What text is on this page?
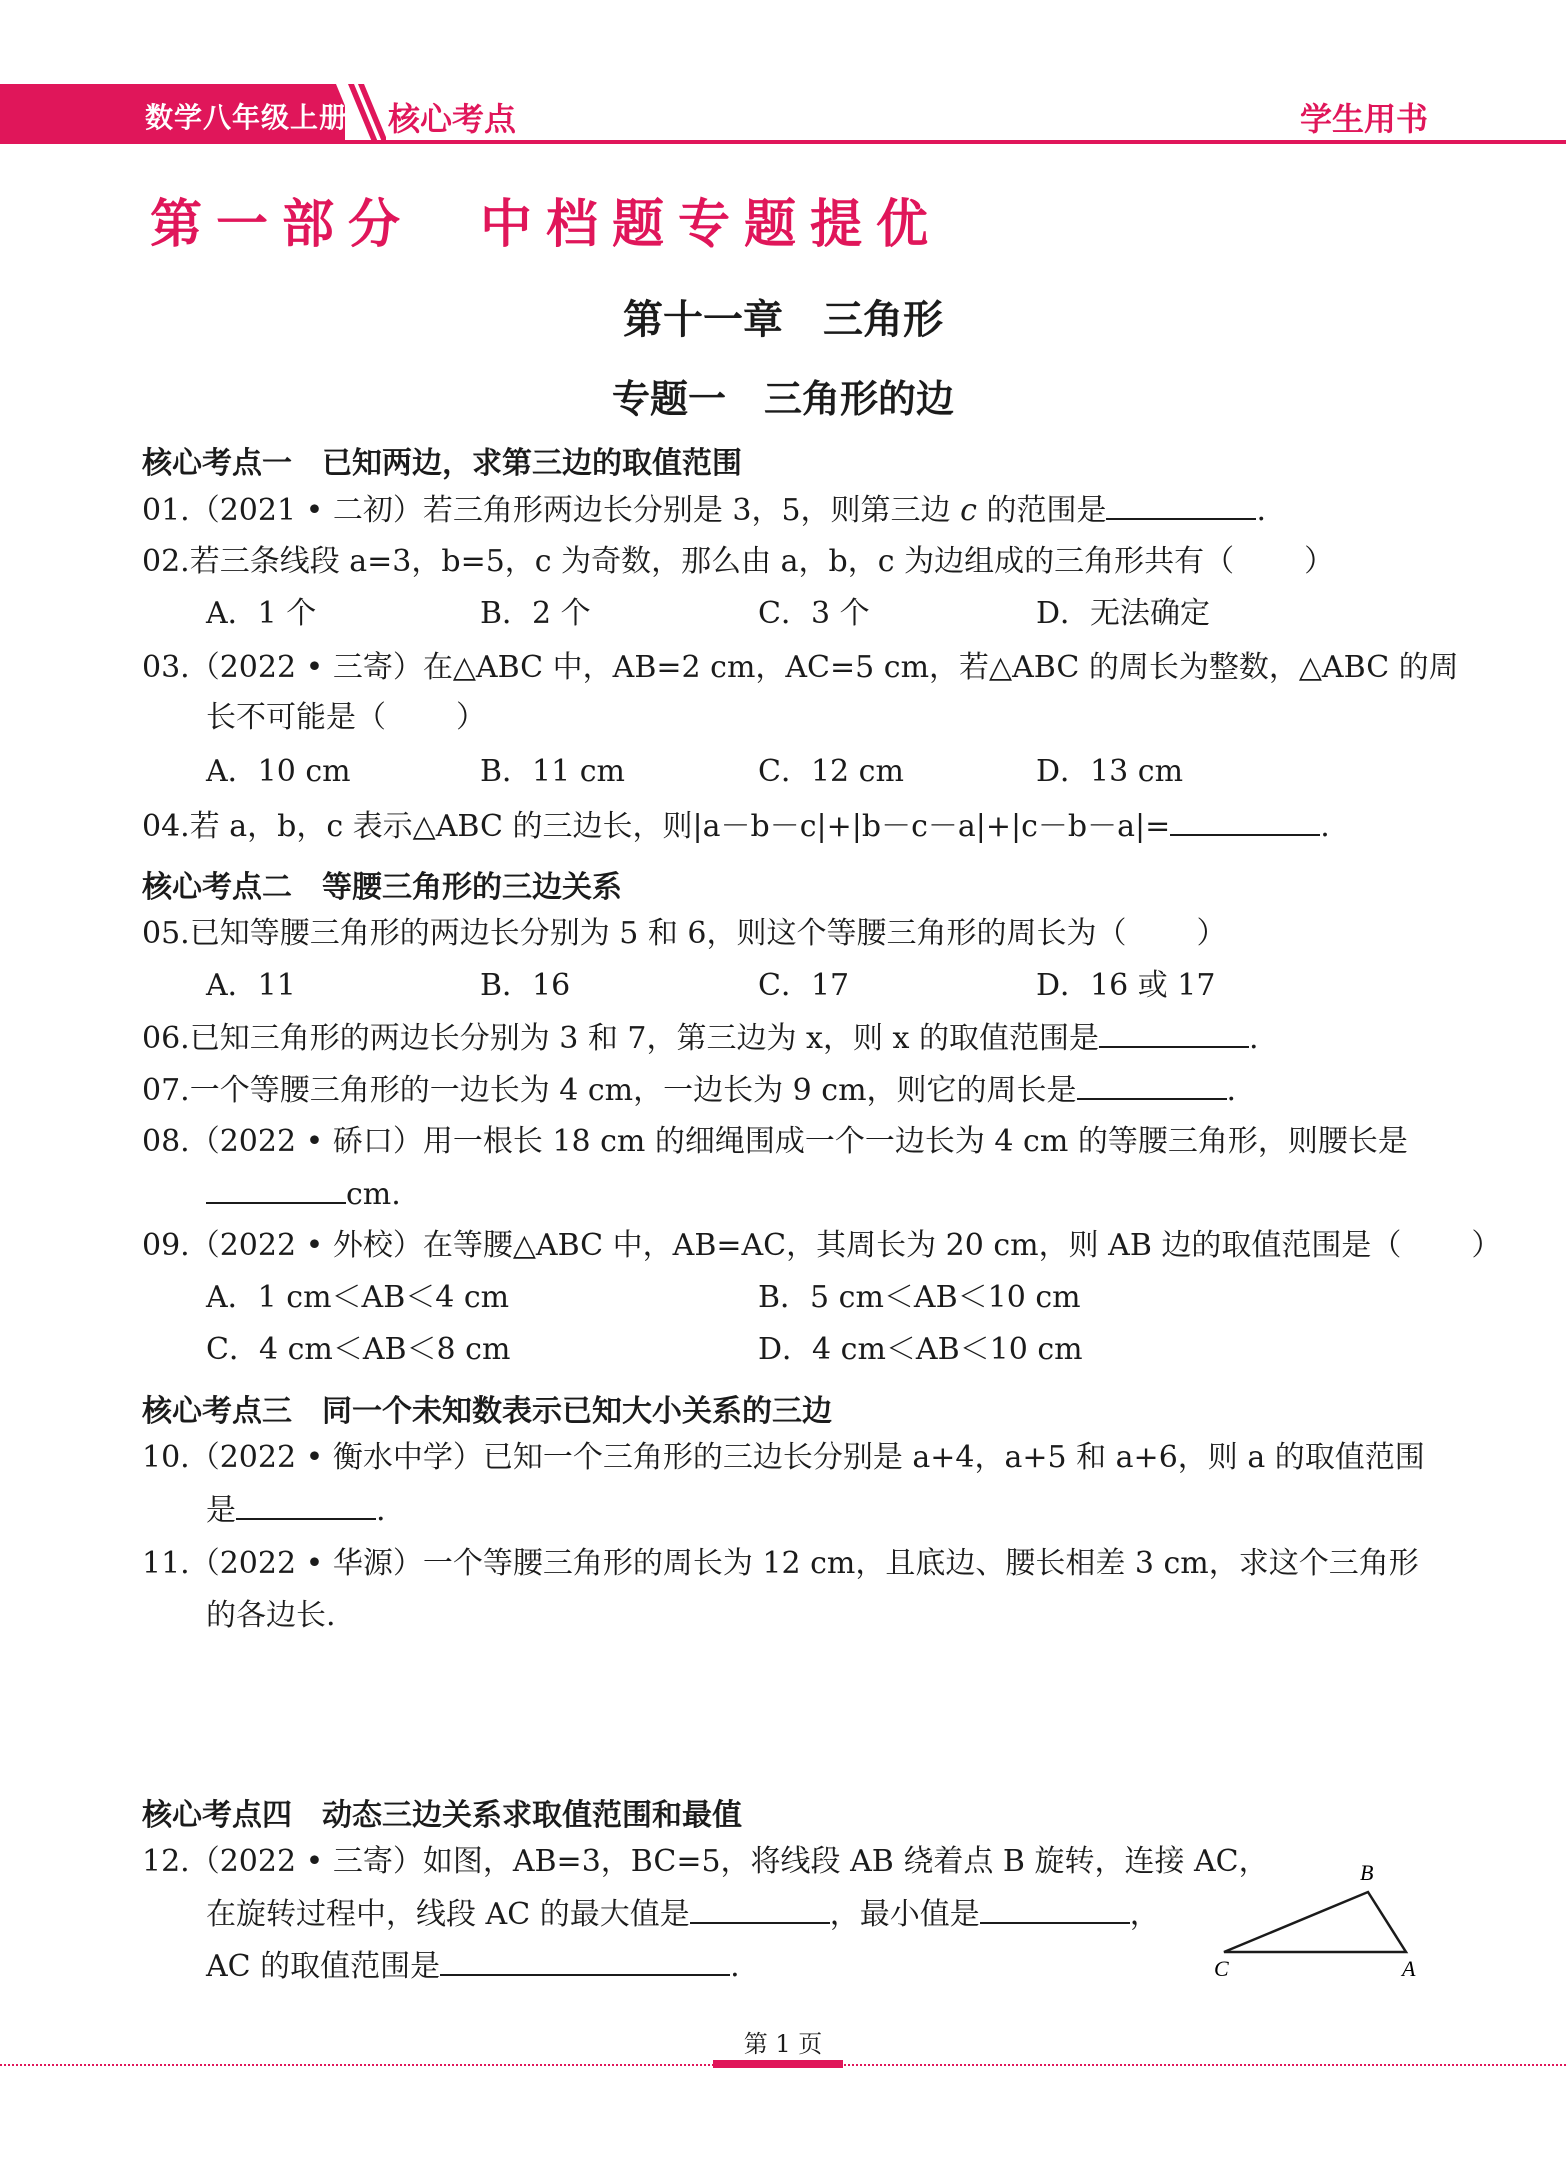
数学八年级上册 核心考点	学生用书
第一部分　中档题专题提优
第十一章　三角形
专题一　三角形的边
核心考点一　已知两边，求第三边的取值范围
01.（2021 • 二初）若三角形两边长分别是 3，5，则第三边 c 的范围是	.
02.若三条线段 a=3，b=5，c 为奇数，那么由 a，b，c 为边组成的三角形共有（ ）
A．1 个	B．2 个	C．3 个	D．无法确定
03.（2022 • 三寄）在△ABC 中，AB=2 cm，AC=5 cm，若△ABC 的周长为整数，△ABC 的周
长不可能是（ ）
A．10 cm	B．11 cm	C．12 cm	D．13 cm
04.若 a，b，c 表示△ABC 的三边长，则|a－b－c|+|b－c－a|+|c－b－a|=	.
核心考点二　等腰三角形的三边关系
05.已知等腰三角形的两边长分别为 5 和 6，则这个等腰三角形的周长为（ ）
A．11	B．16	C．17	D．16 或 17
06.已知三角形的两边长分别为 3 和 7，第三边为 x，则 x 的取值范围是	.
07.一个等腰三角形的一边长为 4 cm，一边长为 9 cm，则它的周长是	.
08.（2022 • 硚口）用一根长 18 cm 的细绳围成一个一边长为 4 cm 的等腰三角形，则腰长是
cm.
09.（2022 • 外校）在等腰△ABC 中，AB=AC，其周长为 20 cm，则 AB 边的取值范围是（ ）
A．1 cm＜AB＜4 cm	B．5 cm＜AB＜10 cm
C．4 cm＜AB＜8 cm	D．4 cm＜AB＜10 cm
核心考点三　同一个未知数表示已知大小关系的三边
10.（2022 • 衡水中学）已知一个三角形的三边长分别是 a+4，a+5 和 a+6，则 a 的取值范围
是	.
11.（2022 • 华源）一个等腰三角形的周长为 12 cm，且底边、腰长相差 3 cm，求这个三角形
的各边长.
核心考点四　动态三边关系求取值范围和最值
12.（2022 • 三寄）如图，AB=3，BC=5，将线段 AB 绕着点 B 旋转，连接 AC，
在旋转过程中，线段 AC 的最大值是	，最小值是	，
AC 的取值范围是	.
B
C	A
第 1 页
